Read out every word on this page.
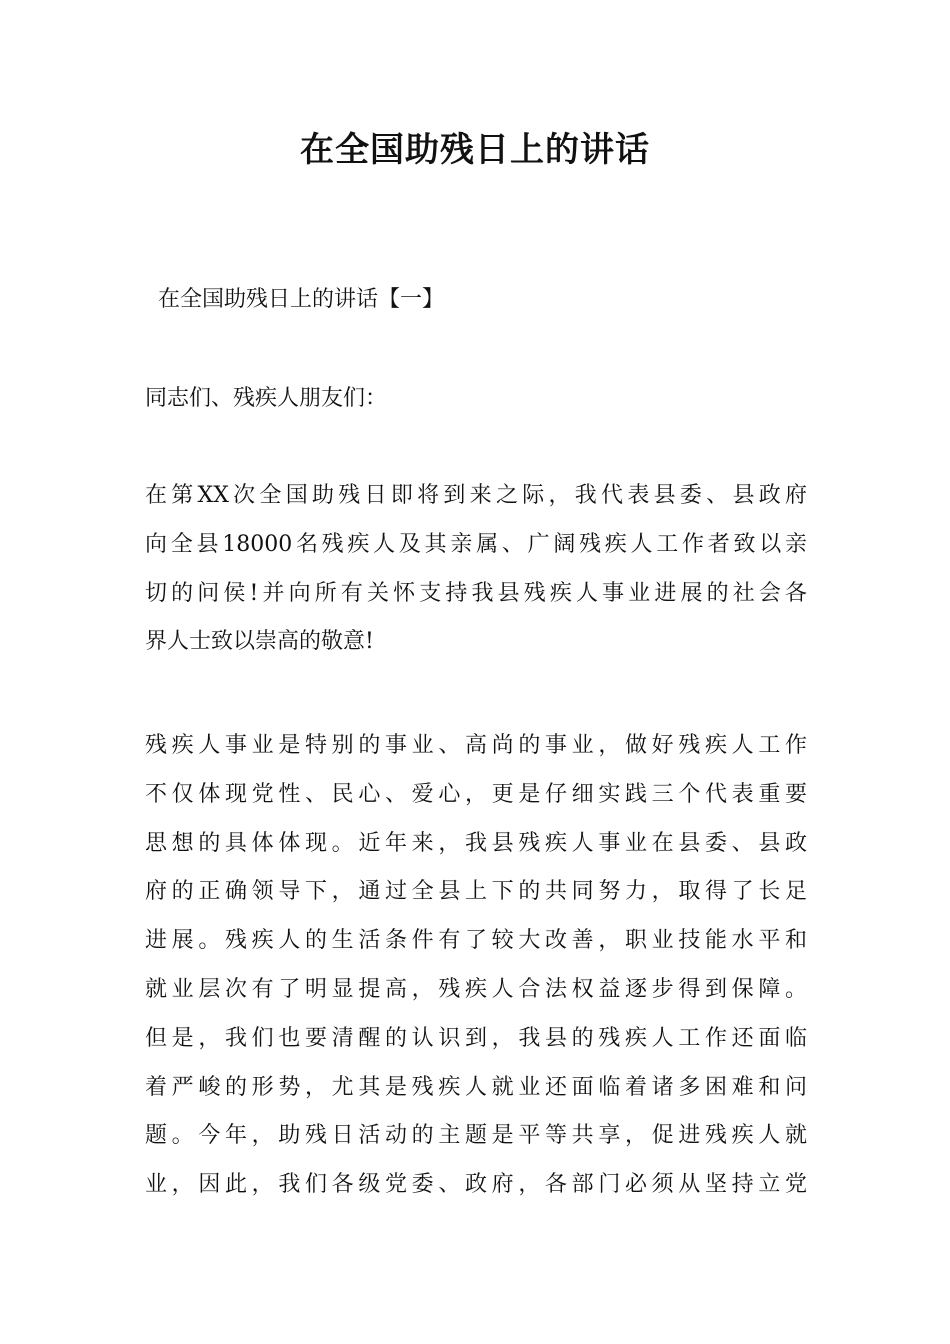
在全国助残日上的讲话
在全国助残日上的讲话【一】
同志们、残疾人朋友们：
在第XX次全国助残日即将到来之际，我代表县委、县政府
向全县18000名残疾人及其亲属、广阔残疾人工作者致以亲
切的问侯!并向所有关怀支持我县残疾人事业进展的社会各
界人士致以崇高的敬意!
残疾人事业是特别的事业、高尚的事业，做好残疾人工作
不仅体现党性、民心、爱心，更是仔细实践三个代表重要
思想的具体体现。近年来，我县残疾人事业在县委、县政
府的正确领导下，通过全县上下的共同努力，取得了长足
进展。残疾人的生活条件有了较大改善，职业技能水平和
就业层次有了明显提高，残疾人合法权益逐步得到保障。
但是，我们也要清醒的认识到，我县的残疾人工作还面临
着严峻的形势，尤其是残疾人就业还面临着诸多困难和问
题。今年，助残日活动的主题是平等共享，促进残疾人就
业，因此，我们各级党委、政府，各部门必须从坚持立党
